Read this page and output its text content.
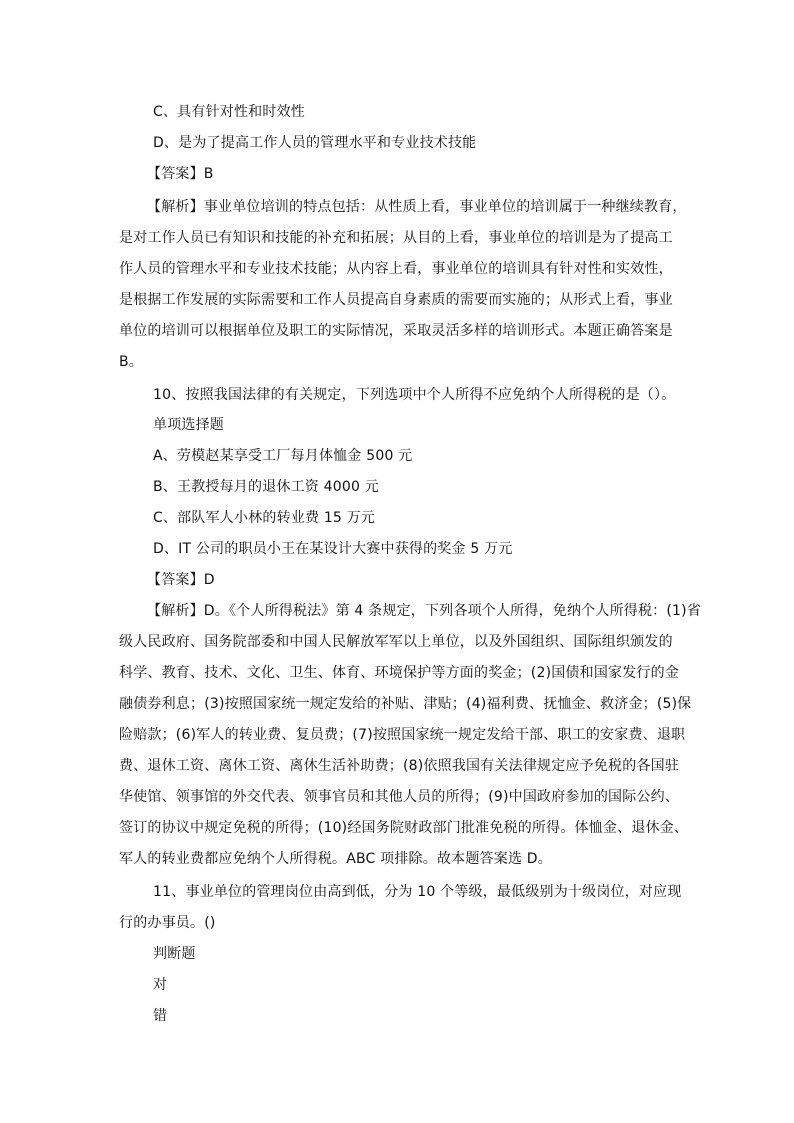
C、具有针对性和时效性
D、是为了提高工作人员的管理水平和专业技术技能
【答案】B
【解析】事业单位培训的特点包括：从性质上看，事业单位的培训属于一种继续教育，
是对工作人员已有知识和技能的补充和拓展；从目的上看，事业单位的培训是为了提高工
作人员的管理水平和专业技术技能；从内容上看，事业单位的培训具有针对性和实效性，
是根据工作发展的实际需要和工作人员提高自身素质的需要而实施的；从形式上看，事业
单位的培训可以根据单位及职工的实际情况，采取灵活多样的培训形式。本题正确答案是
B。
10、按照我国法律的有关规定，下列选项中个人所得不应免纳个人所得税的是（）。
单项选择题
A、劳模赵某享受工厂每月体恤金 500 元
B、王教授每月的退休工资 4000 元
C、部队军人小林的转业费 15 万元
D、IT 公司的职员小王在某设计大赛中获得的奖金 5 万元
【答案】D
【解析】D。《个人所得税法》第 4 条规定，下列各项个人所得，免纳个人所得税：(1)省
级人民政府、国务院部委和中国人民解放军军以上单位，以及外国组织、国际组织颁发的
科学、教育、技术、文化、卫生、体育、环境保护等方面的奖金；(2)国债和国家发行的金
融债券利息；(3)按照国家统一规定发给的补贴、津贴；(4)福利费、抚恤金、救济金；(5)保
险赔款；(6)军人的转业费、复员费；(7)按照国家统一规定发给干部、职工的安家费、退职
费、退休工资、离休工资、离休生活补助费；(8)依照我国有关法律规定应予免税的各国驻
华使馆、领事馆的外交代表、领事官员和其他人员的所得；(9)中国政府参加的国际公约、
签订的协议中规定免税的所得；(10)经国务院财政部门批准免税的所得。体恤金、退休金、
军人的转业费都应免纳个人所得税。ABC 项排除。故本题答案选 D。
11、事业单位的管理岗位由高到低，分为 10 个等级，最低级别为十级岗位，对应现
行的办事员。()
判断题
对
错
